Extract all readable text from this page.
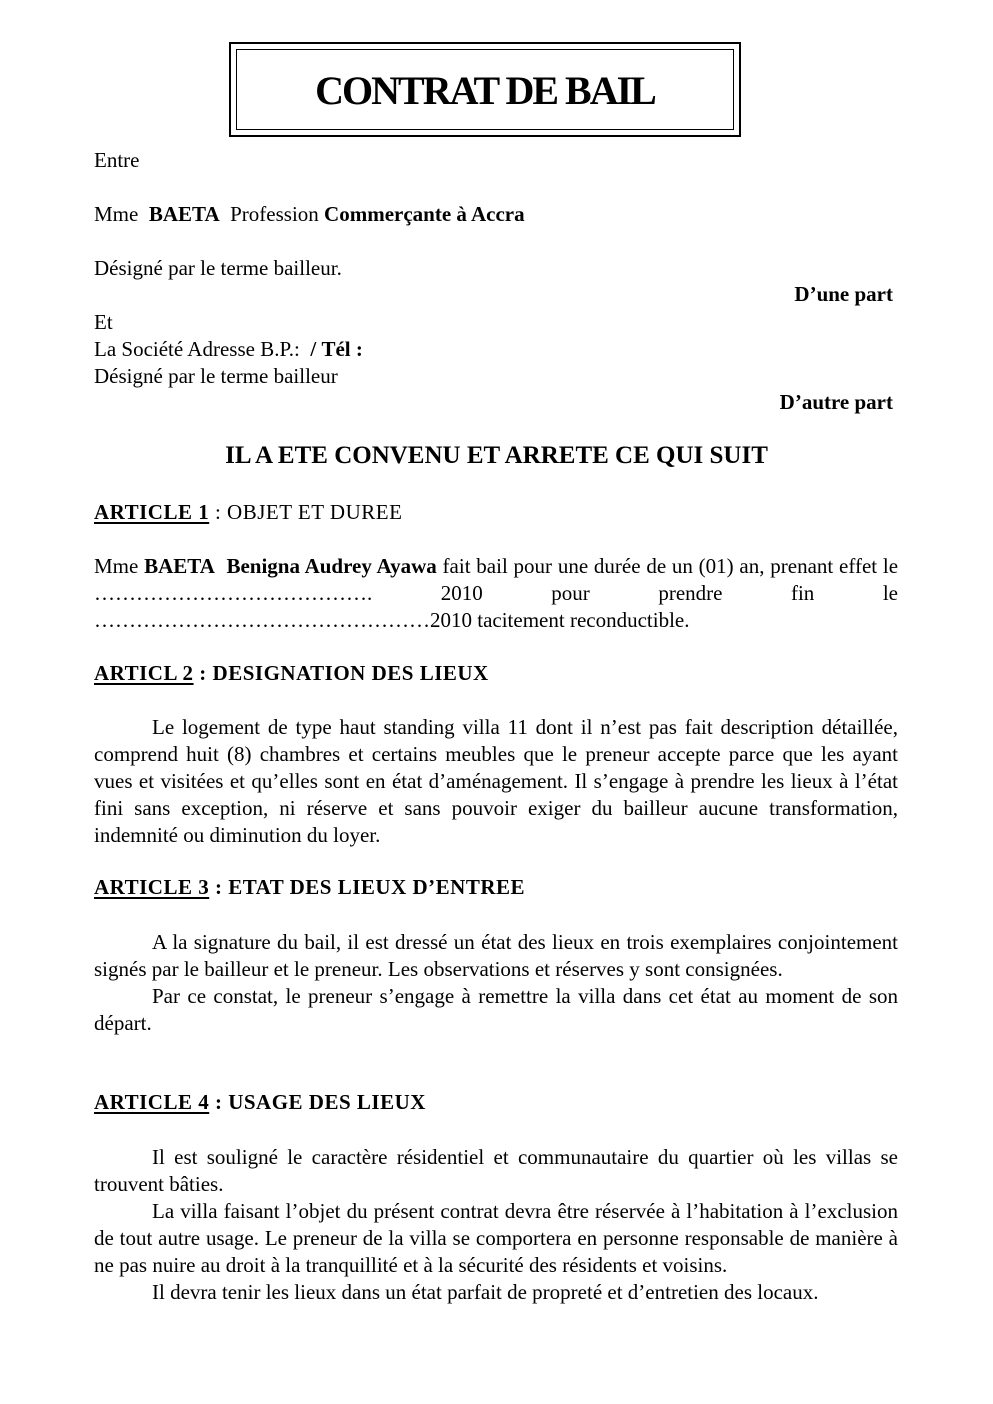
CONTRAT DE BAIL
Entre
Mme BAETA Profession Commerçante à Accra
Désigné par le terme bailleur.
D’une part
Et
La Société Adresse B.P.: / Tél :
Désigné par le terme bailleur
D’autre part
IL A ETE CONVENU ET ARRETE CE QUI SUIT
ARTICLE 1 : OBJET ET DUREE

Mme BAETA Benigna Audrey Ayawa fait bail pour une durée de un (01) an, prenant effet le …………………………………. 2010 pour prendre fin le …………………………………………2010 tacitement reconductible.

ARTICL 2 : DESIGNATION DES LIEUX

Le logement de type haut standing villa 11 dont il n’est pas fait description détaillée, comprend huit (8) chambres et certains meubles que le preneur accepte parce que les ayant vues et visitées et qu’elles sont en état d’aménagement. Il s’engage à prendre les lieux à l’état fini sans exception, ni réserve et sans pouvoir exiger du bailleur aucune transformation, indemnité ou diminution du loyer.

ARTICLE 3 : ETAT DES LIEUX D’ENTREE

A la signature du bail, il est dressé un état des lieux en trois exemplaires conjointement signés par le bailleur et le preneur. Les observations et réserves y sont consignées.

Par ce constat, le preneur s’engage à remettre la villa dans cet état au moment de son départ.

ARTICLE 4 : USAGE DES LIEUX

Il est souligné le caractère résidentiel et communautaire du quartier où les villas se trouvent bâties.

La villa faisant l’objet du présent contrat devra être réservée à l’habitation à l’exclusion de tout autre usage. Le preneur de la villa se comportera en personne responsable de manière à ne pas nuire au droit à la tranquillité et à la sécurité des résidents et voisins.

Il devra tenir les lieux dans un état parfait de propreté et d’entretien des locaux.
